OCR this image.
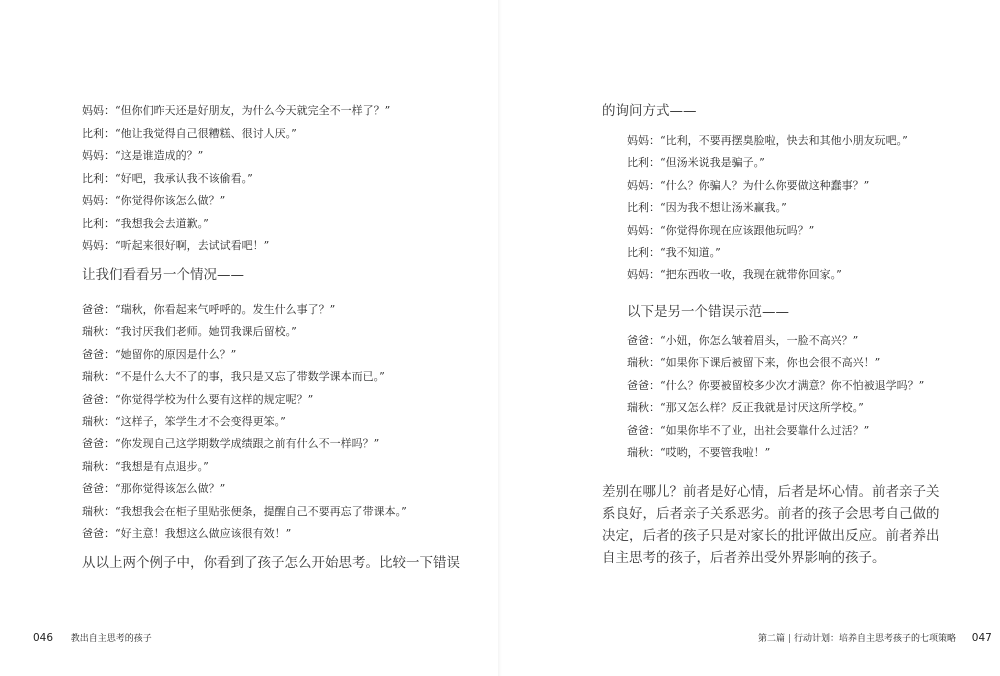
妈妈：“但你们昨天还是好朋友，为什么今天就完全不一样了？”
比利：“他让我觉得自己很糟糕、很讨人厌。”
妈妈：“这是谁造成的？”
比利：“好吧，我承认我不该偷看。”
妈妈：“你觉得你该怎么做？”
比利：“我想我会去道歉。”
妈妈：“听起来很好啊，去试试看吧！”
让我们看看另一个情况——
爸爸：“瑞秋，你看起来气呼呼的。发生什么事了？”
瑞秋：“我讨厌我们老师。她罚我课后留校。”
爸爸：“她留你的原因是什么？”
瑞秋：“不是什么大不了的事，我只是又忘了带数学课本而已。”
爸爸：“你觉得学校为什么要有这样的规定呢？”
瑞秋：“这样子，笨学生才不会变得更笨。”
爸爸：“你发现自己这学期数学成绩跟之前有什么不一样吗？”
瑞秋：“我想是有点退步。”
爸爸：“那你觉得该怎么做？”
瑞秋：“我想我会在柜子里贴张便条，提醒自己不要再忘了带课本。”
爸爸：“好主意！我想这么做应该很有效！”
从以上两个例子中，你看到了孩子怎么开始思考。比较一下错误
046 教出自主思考的孩子
的询问方式——
妈妈：“比利，不要再摆臭脸啦，快去和其他小朋友玩吧。”
比利：“但汤米说我是骗子。”
妈妈：“什么？你骗人？为什么你要做这种蠢事？”
比利：“因为我不想让汤米赢我。”
妈妈：“你觉得你现在应该跟他玩吗？”
比利：“我不知道。”
妈妈：“把东西收一收，我现在就带你回家。”
以下是另一个错误示范——
爸爸：“小妞，你怎么皱着眉头，一脸不高兴？”
瑞秋：“如果你下课后被留下来，你也会很不高兴！”
爸爸：“什么？你要被留校多少次才满意？你不怕被退学吗？”
瑞秋：“那又怎么样？反正我就是讨厌这所学校。”
爸爸：“如果你毕不了业，出社会要靠什么过活？”
瑞秋：“哎哟，不要管我啦！”
差别在哪儿？前者是好心情，后者是坏心情。前者亲子关系良好，后者亲子关系恶劣。前者的孩子会思考自己做的决定，后者的孩子只是对家长的批评做出反应。前者养出自主思考的孩子，后者养出受外界影响的孩子。
第二篇 行动计划：培养自主思考孩子的七项策略 047
